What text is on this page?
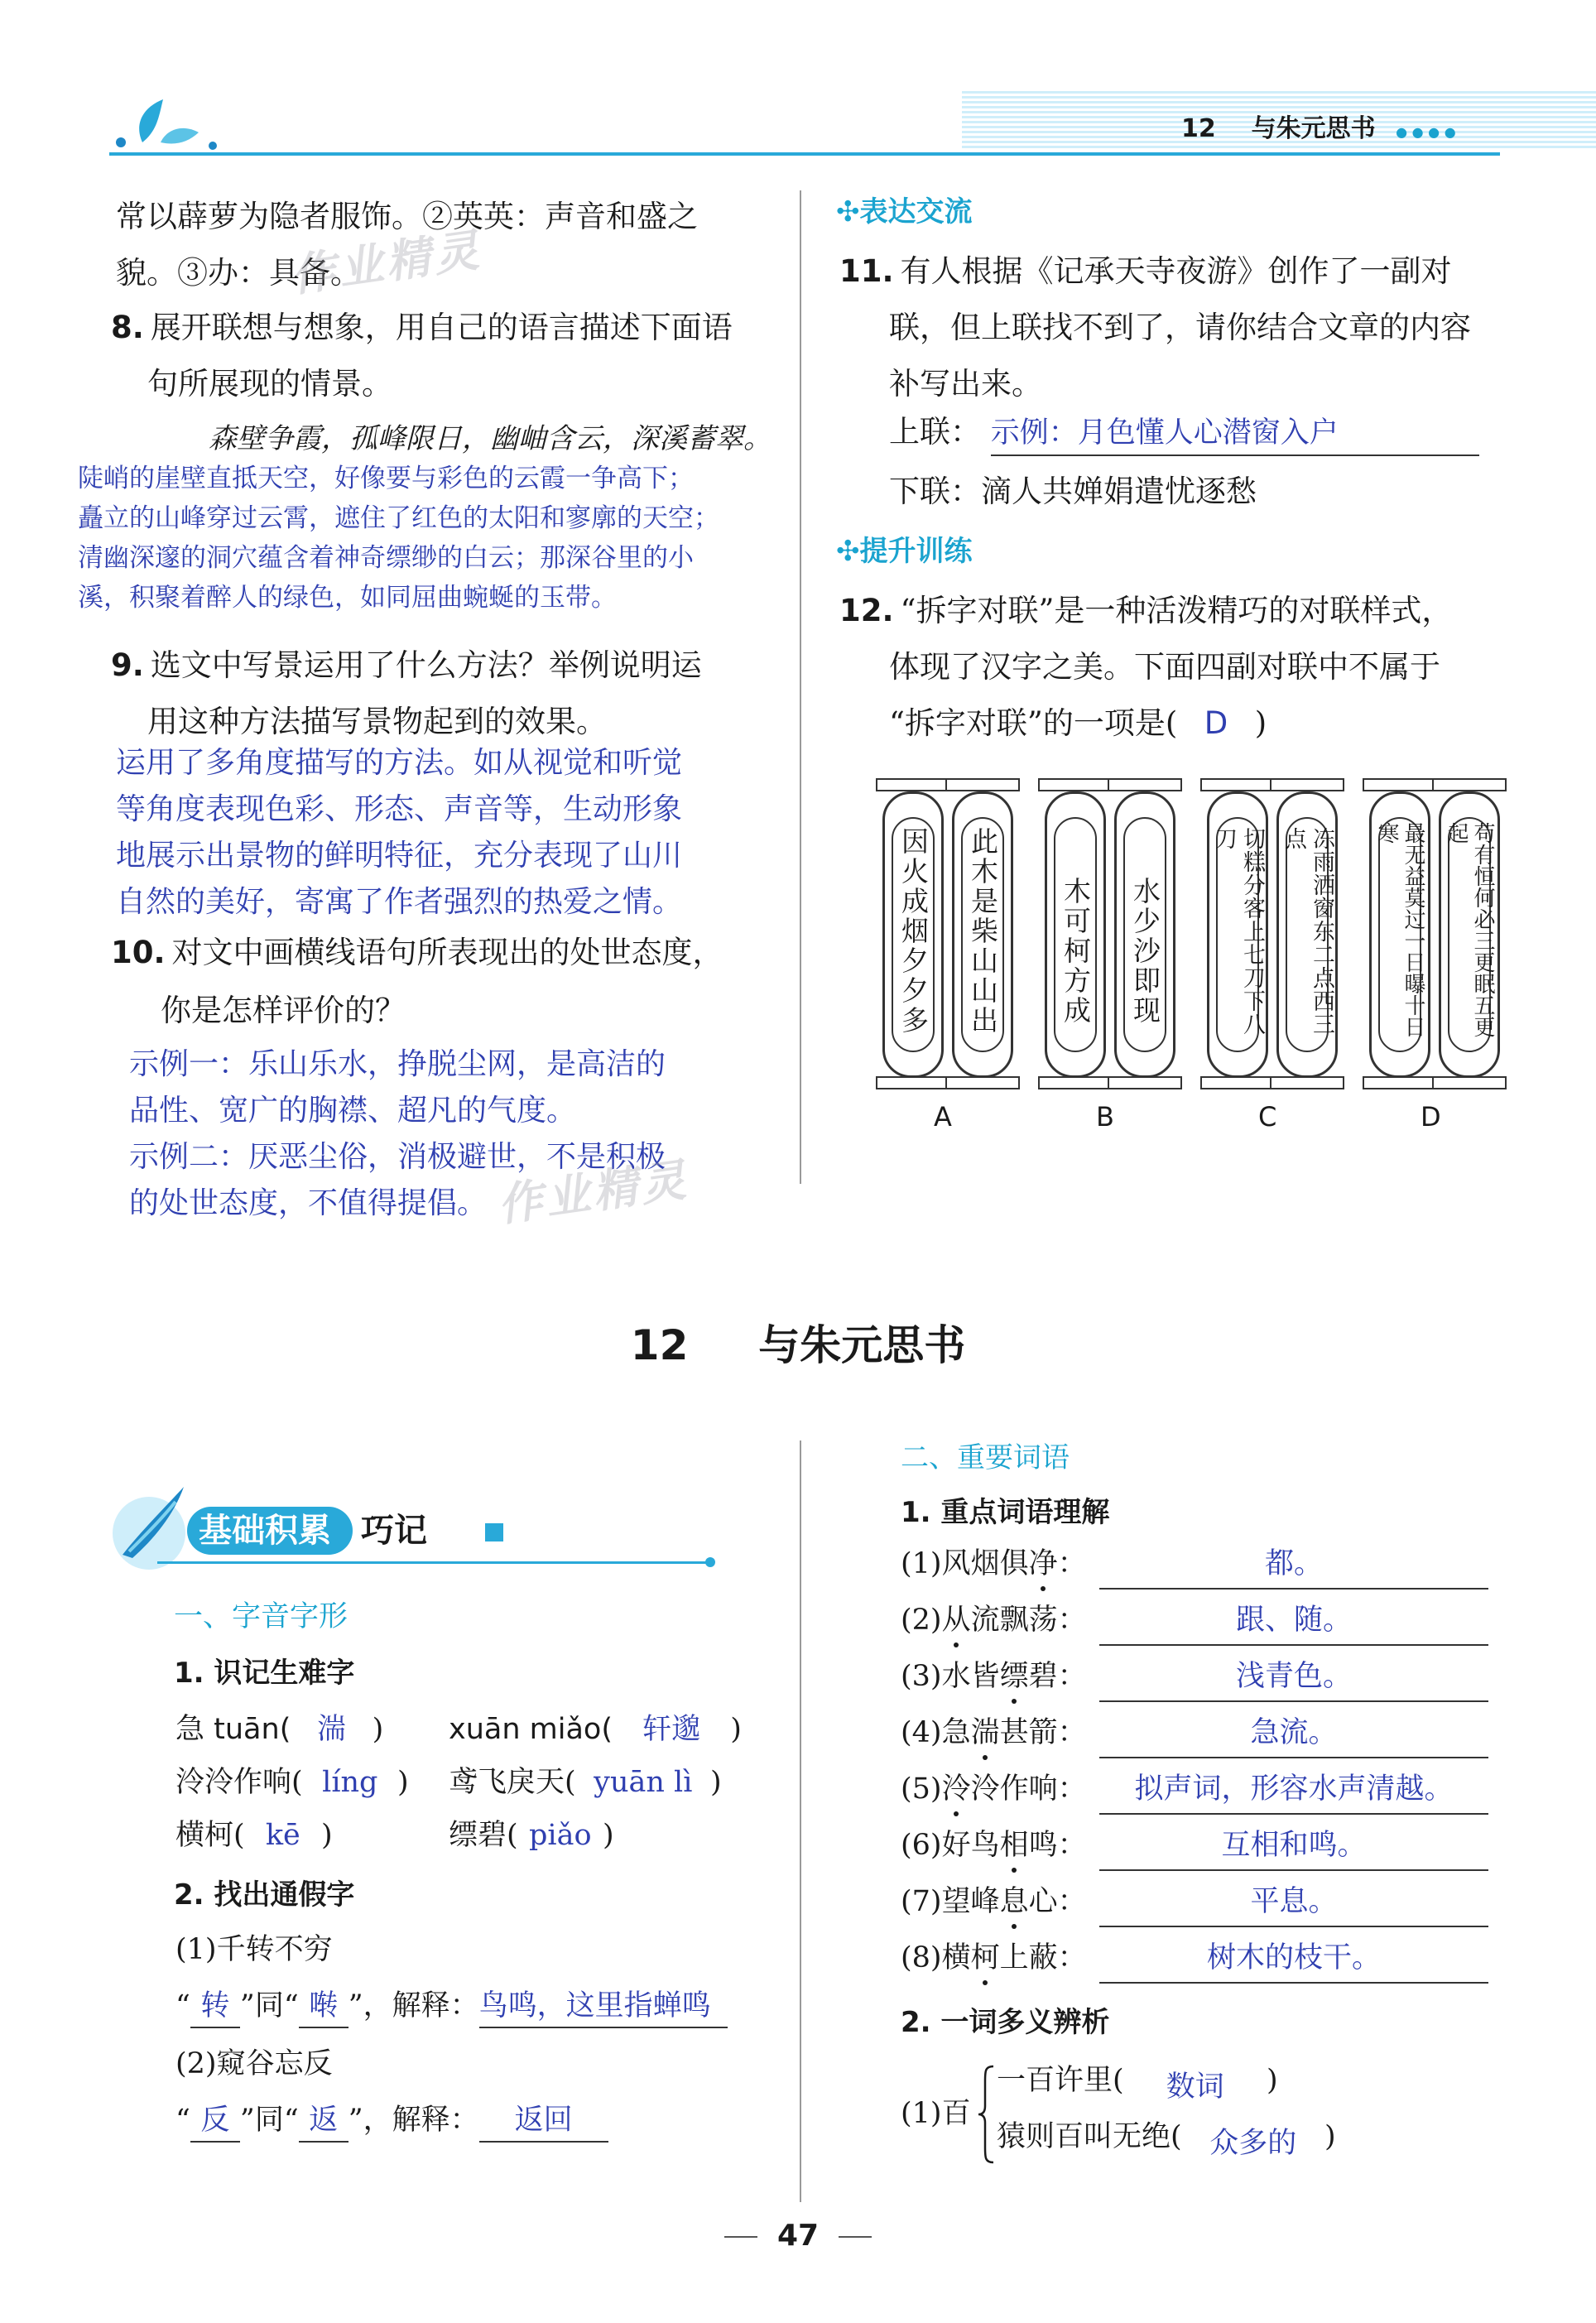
12 与朱元思书 ● ● ● ●
常以薜萝为隐者服饰。②英英：声音和盛之
貌。③办：具备。
作业精灵
8. 展开联想与想象，用自己的语言描述下面语
句所展现的情景。
森壁争霞，孤峰限日，幽岫含云，深溪蓄翠。
陡峭的崖壁直抵天空，好像要与彩色的云霞一争高下；
矗立的山峰穿过云霄，遮住了红色的太阳和寥廓的天空；
清幽深邃的洞穴蕴含着神奇缥缈的白云；那深谷里的小
溪，积聚着醉人的绿色，如同屈曲蜿蜒的玉带。
9. 选文中写景运用了什么方法？举例说明运
用这种方法描写景物起到的效果。
运用了多角度描写的方法。如从视觉和听觉
等角度表现色彩、形态、声音等，生动形象
地展示出景物的鲜明特征，充分表现了山川
自然的美好，寄寓了作者强烈的热爱之情。
10. 对文中画横线语句所表现出的处世态度，
你是怎样评价的？
示例一：乐山乐水，挣脱尘网，是高洁的
品性、宽广的胸襟、超凡的气度。
示例二：厌恶尘俗，消极避世，不是积极
的处世态度，不值得提倡。 作业精灵
✣表达交流
11. 有人根据《记承天寺夜游》创作了一副对
联，但上联找不到了，请你结合文章的内容
补写出来。
上联： 示例：月色懂人心潜窗入户
下联：滴人共婵娟遣忧逐愁
✣提升训练
12. “拆字对联”是一种活泼精巧的对联样式，
体现了汉字之美。下面四副对联中不属于
“拆字对联”的一项是( D )
因火成烟夕夕多 此木是柴山山出
A
木可柯方成 水少沙即现
B
切糕分客上七刀下八刀	冻雨洒窗东二点西三点
C
最无益莫过一日曝十日寒	苟有恒何必三更眠五更起
D
12 与朱元思书
基础积累 巧记
一、字音字形
1. 识记生难字
急 tuān( 湍 ) xuān miǎo( 轩邈 )
泠泠作响( líng ) 鸢飞戾天( yuān lì )
横柯( kē )	缥碧( piǎo )
2. 找出通假字
(1)千转不穷
“ 转 ”同“ 啭 ”，解释：鸟鸣，这里指蝉鸣
(2)窥谷忘反
“ 反 ”同“ 返 ”，解释： 返回
二、重要词语
1. 重点词语理解
(1)风烟俱净：	都。
(2)从流飘荡：	跟、随。
(3)水皆缥碧：	浅青色。
(4)急湍甚箭：	急流。
(5)泠泠作响：	拟声词，形容水声清越。
(6)好鸟相鸣：	互相和鸣。
(7)望峰息心：	平息。
(8)横柯上蔽：	树木的枝干。
2. 一词多义辨析
(1)百
一百许里( 数词 )
猿则百叫无绝( 众多的 )
47
